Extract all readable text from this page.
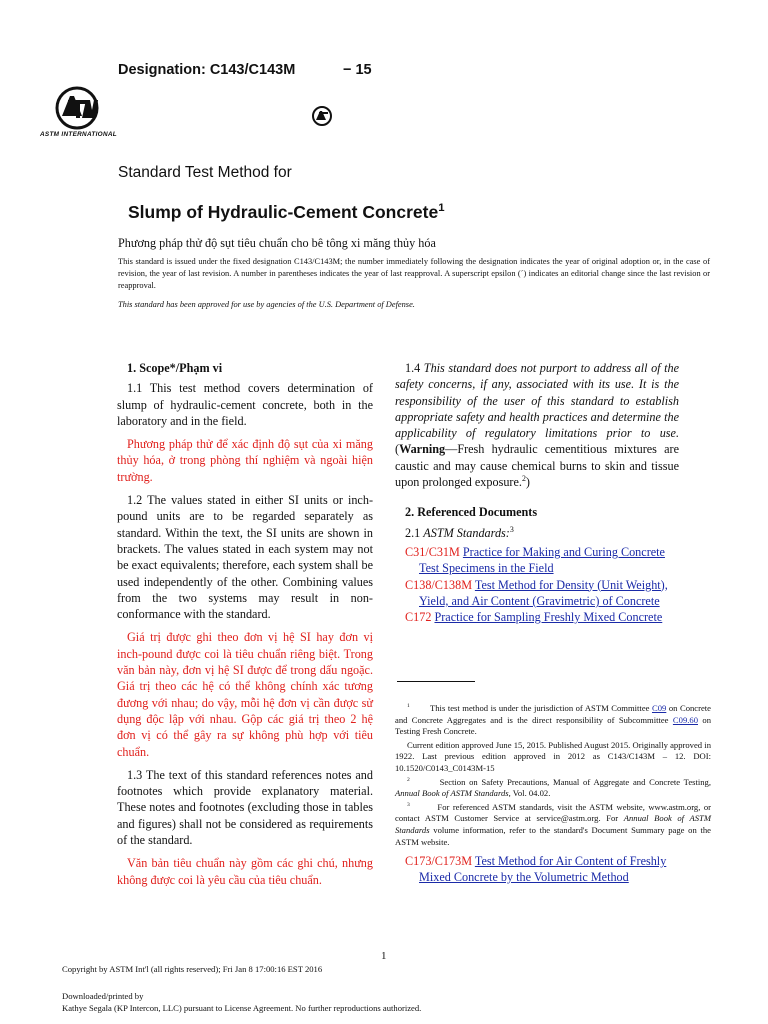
Designation: C143/C143M	− 15
ASTM INTERNATIONAL
Standard Test Method for
Slump of Hydraulic-Cement Concrete$^1$
Phương pháp thử độ sụt tiêu chuẩn cho bê tông xi măng thủy hóa
This standard is issued under the fixed designation C143/C143M; the number immediately following the designation indicates the year of original adoption or, in the case of revision, the year of last revision. A number in parentheses indicates the year of last reapproval. A superscript epsilon (´) indicates an editorial change since the last revision or reapproval.
This standard has been approved for use by agencies of the U.S. Department of Defense.

1. Scope*/Phạm vi

1.1 This test method covers determination of slump of hydraulic-cement concrete, both in the laboratory and in the field.

Phương pháp thử để xác định độ sụt của xi măng thủy hóa, ở trong phòng thí nghiệm và ngoài hiện trường.

1.2 The values stated in either SI units or inch-pound units are to be regarded separately as standard. Within the text, the SI units are shown in brackets. The values stated in each system may not be exact equivalents; therefore, each system shall be used independently of the other. Combining values from the two systems may result in non-conformance with the standard.

Giá trị được ghi theo đơn vị hệ SI hay đơn vị inch-pound được coi là tiêu chuẩn riêng biệt. Trong văn bản này, đơn vị hệ SI được để trong dấu ngoặc. Giá trị theo các hệ có thể không chính xác tương đương với nhau; do vậy, mỗi hệ đơn vị cần được sử dụng độc lập với nhau. Gộp các giá trị theo 2 hệ đơn vị có thể gây ra sự không phù hợp với tiêu chuẩn.

1.3 The text of this standard references notes and footnotes which provide explanatory material. These notes and footnotes (excluding those in tables and figures) shall not be considered as requirements of the standard.

Văn bản tiêu chuẩn này gồm các ghi chú, nhưng không được coi là yêu cầu của tiêu chuẩn.

1.4 This standard does not purport to address all of the safety concerns, if any, associated with its use. It is the responsibility of the user of this standard to establish appropriate safety and health practices and determine the applicability of regulatory limitations prior to use. (Warning—Fresh hydraulic cementitious mixtures are caustic and may cause chemical burns to skin and tissue upon prolonged exposure.$^2$)

2. Referenced Documents

2.1 ASTM Standards:$^3$

C31/C31M Practice for Making and Curing Concrete Test Specimens in the Field
C138/C138M Test Method for Density (Unit Weight), Yield, and Air Content (Gravimetric) of Concrete
C172 Practice for Sampling Freshly Mixed Concrete

$^1$ This test method is under the jurisdiction of ASTM Committee C09 on Concrete and Concrete Aggregates and is the direct responsibility of Subcommittee C09.60 on Testing Fresh Concrete.

Current edition approved June 15, 2015. Published August 2015. Originally approved in 1922. Last previous edition approved in 2012 as C143/C143M – 12. DOI: 10.1520/C0143_C0143M-15

$^2$	Section on Safety Precautions, Manual of Aggregate and Concrete Testing, Annual Book of ASTM Standards, Vol. 04.02.

$^3$	For referenced ASTM standards, visit the ASTM website, www.astm.org, or contact ASTM Customer Service at service@astm.org. For Annual Book of ASTM Standards volume information, refer to the standard's Document Summary page on the ASTM website.

C173/C173M Test Method for Air Content of Freshly Mixed Concrete by the Volumetric Method
Copyright by ASTM Int'l (all rights reserved); Fri Jan 8 17:00:16 EST 2016
1
Downloaded/printed by
Kathye Segala (KP Intercon, LLC) pursuant to License Agreement. No further reproductions authorized.
